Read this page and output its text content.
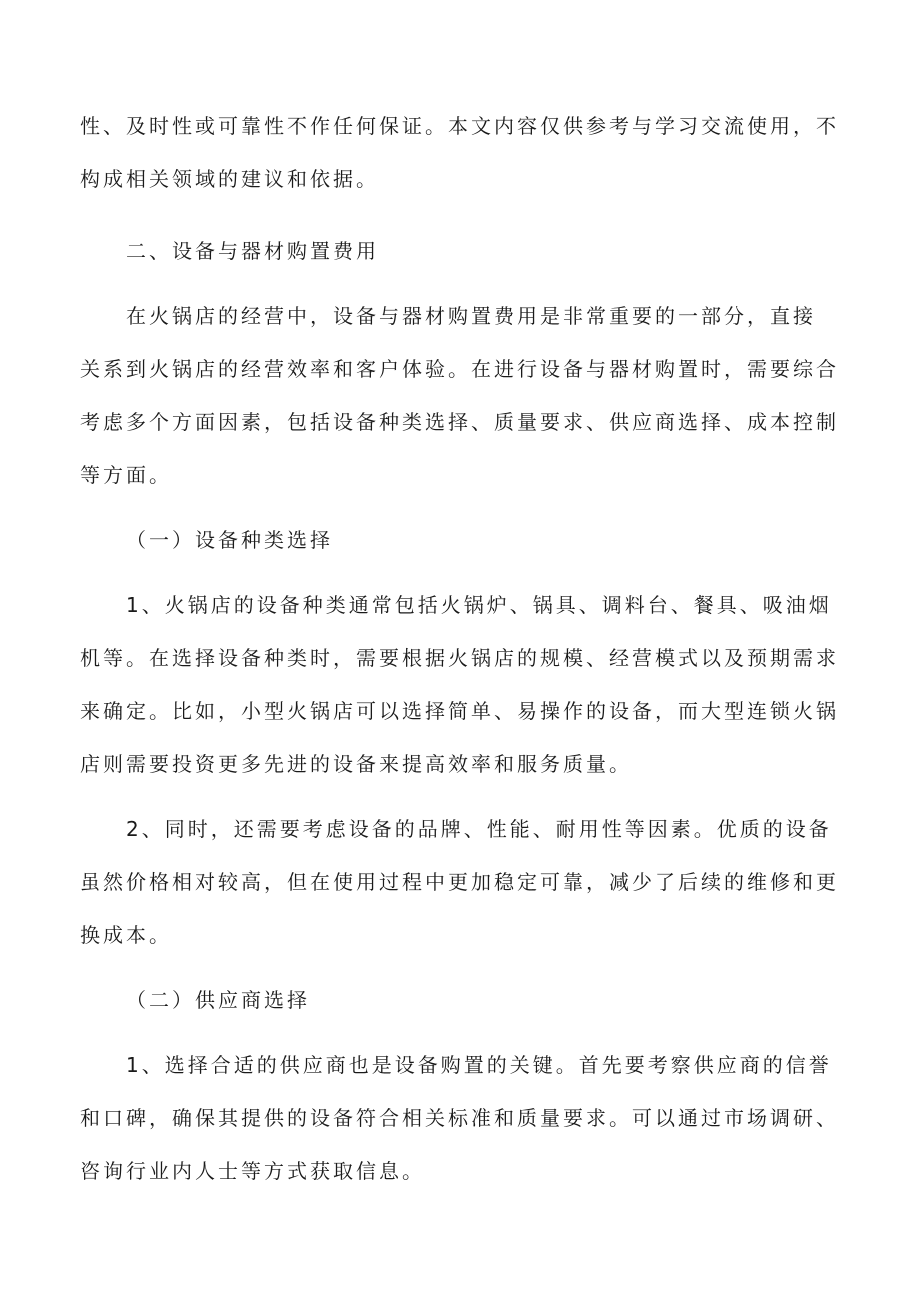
性、及时性或可靠性不作任何保证。本文内容仅供参考与学习交流使用，不
构成相关领域的建议和依据。
二、设备与器材购置费用
在火锅店的经营中，设备与器材购置费用是非常重要的一部分，直接
关系到火锅店的经营效率和客户体验。在进行设备与器材购置时，需要综合
考虑多个方面因素，包括设备种类选择、质量要求、供应商选择、成本控制
等方面。
（一）设备种类选择
1、火锅店的设备种类通常包括火锅炉、锅具、调料台、餐具、吸油烟
机等。在选择设备种类时，需要根据火锅店的规模、经营模式以及预期需求
来确定。比如，小型火锅店可以选择简单、易操作的设备，而大型连锁火锅
店则需要投资更多先进的设备来提高效率和服务质量。
2、同时，还需要考虑设备的品牌、性能、耐用性等因素。优质的设备
虽然价格相对较高，但在使用过程中更加稳定可靠，减少了后续的维修和更
换成本。
（二）供应商选择
1、选择合适的供应商也是设备购置的关键。首先要考察供应商的信誉
和口碑，确保其提供的设备符合相关标准和质量要求。可以通过市场调研、
咨询行业内人士等方式获取信息。
